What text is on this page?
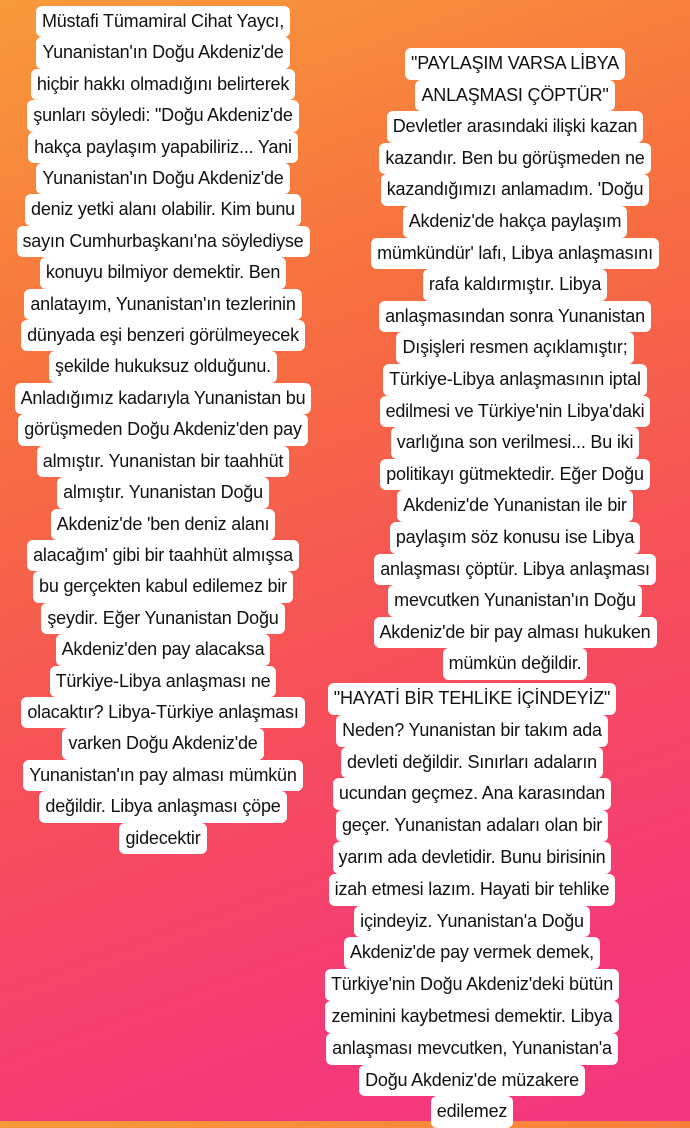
Müstafi Tümamiral Cihat Yaycı,
Yunanistan'ın Doğu Akdeniz'de
hiçbir hakkı olmadığını belirterek
şunları söyledi: "Doğu Akdeniz'de
hakça paylaşım yapabiliriz... Yani
Yunanistan'ın Doğu Akdeniz'de
deniz yetki alanı olabilir. Kim bunu
sayın Cumhurbaşkanı'na söylediyse
konuyu bilmiyor demektir. Ben
anlatayım, Yunanistan'ın tezlerinin
dünyada eşi benzeri görülmeyecek
şekilde hukuksuz olduğunu.
Anladığımız kadarıyla Yunanistan bu
görüşmeden Doğu Akdeniz'den pay
almıştır. Yunanistan bir taahhüt
almıştır. Yunanistan Doğu
Akdeniz'de 'ben deniz alanı
alacağım' gibi bir taahhüt almışsa
bu gerçekten kabul edilemez bir
şeydir. Eğer Yunanistan Doğu
Akdeniz'den pay alacaksa
Türkiye-Libya anlaşması ne
olacaktır? Libya-Türkiye anlaşması
varken Doğu Akdeniz'de
Yunanistan'ın pay alması mümkün
değildir. Libya anlaşması çöpe
gidecektir
"PAYLAŞIM VARSA LİBYA
ANLAŞMASI ÇÖPTÜR"
Devletler arasındaki ilişki kazan
kazandır. Ben bu görüşmeden ne
kazandığımızı anlamadım. 'Doğu
Akdeniz'de hakça paylaşım
mümkündür' lafı, Libya anlaşmasını
rafa kaldırmıştır. Libya
anlaşmasından sonra Yunanistan
Dışişleri resmen açıklamıştır;
Türkiye-Libya anlaşmasının iptal
edilmesi ve Türkiye'nin Libya'daki
varlığına son verilmesi... Bu iki
politikayı gütmektedir. Eğer Doğu
Akdeniz'de Yunanistan ile bir
paylaşım söz konusu ise Libya
anlaşması çöptür. Libya anlaşması
mevcutken Yunanistan'ın Doğu
Akdeniz'de bir pay alması hukuken
mümkün değildir.
"HAYATİ BİR TEHLİKE İÇİNDEYİZ"
Neden? Yunanistan bir takım ada
devleti değildir. Sınırları adaların
ucundan geçmez. Ana karasından
geçer. Yunanistan adaları olan bir
yarım ada devletidir. Bunu birisinin
izah etmesi lazım. Hayati bir tehlike
içindeyiz. Yunanistan'a Doğu
Akdeniz'de pay vermek demek,
Türkiye'nin Doğu Akdeniz'deki bütün
zeminini kaybetmesi demektir. Libya
anlaşması mevcutken, Yunanistan'a
Doğu Akdeniz'de müzakere
edilemez
